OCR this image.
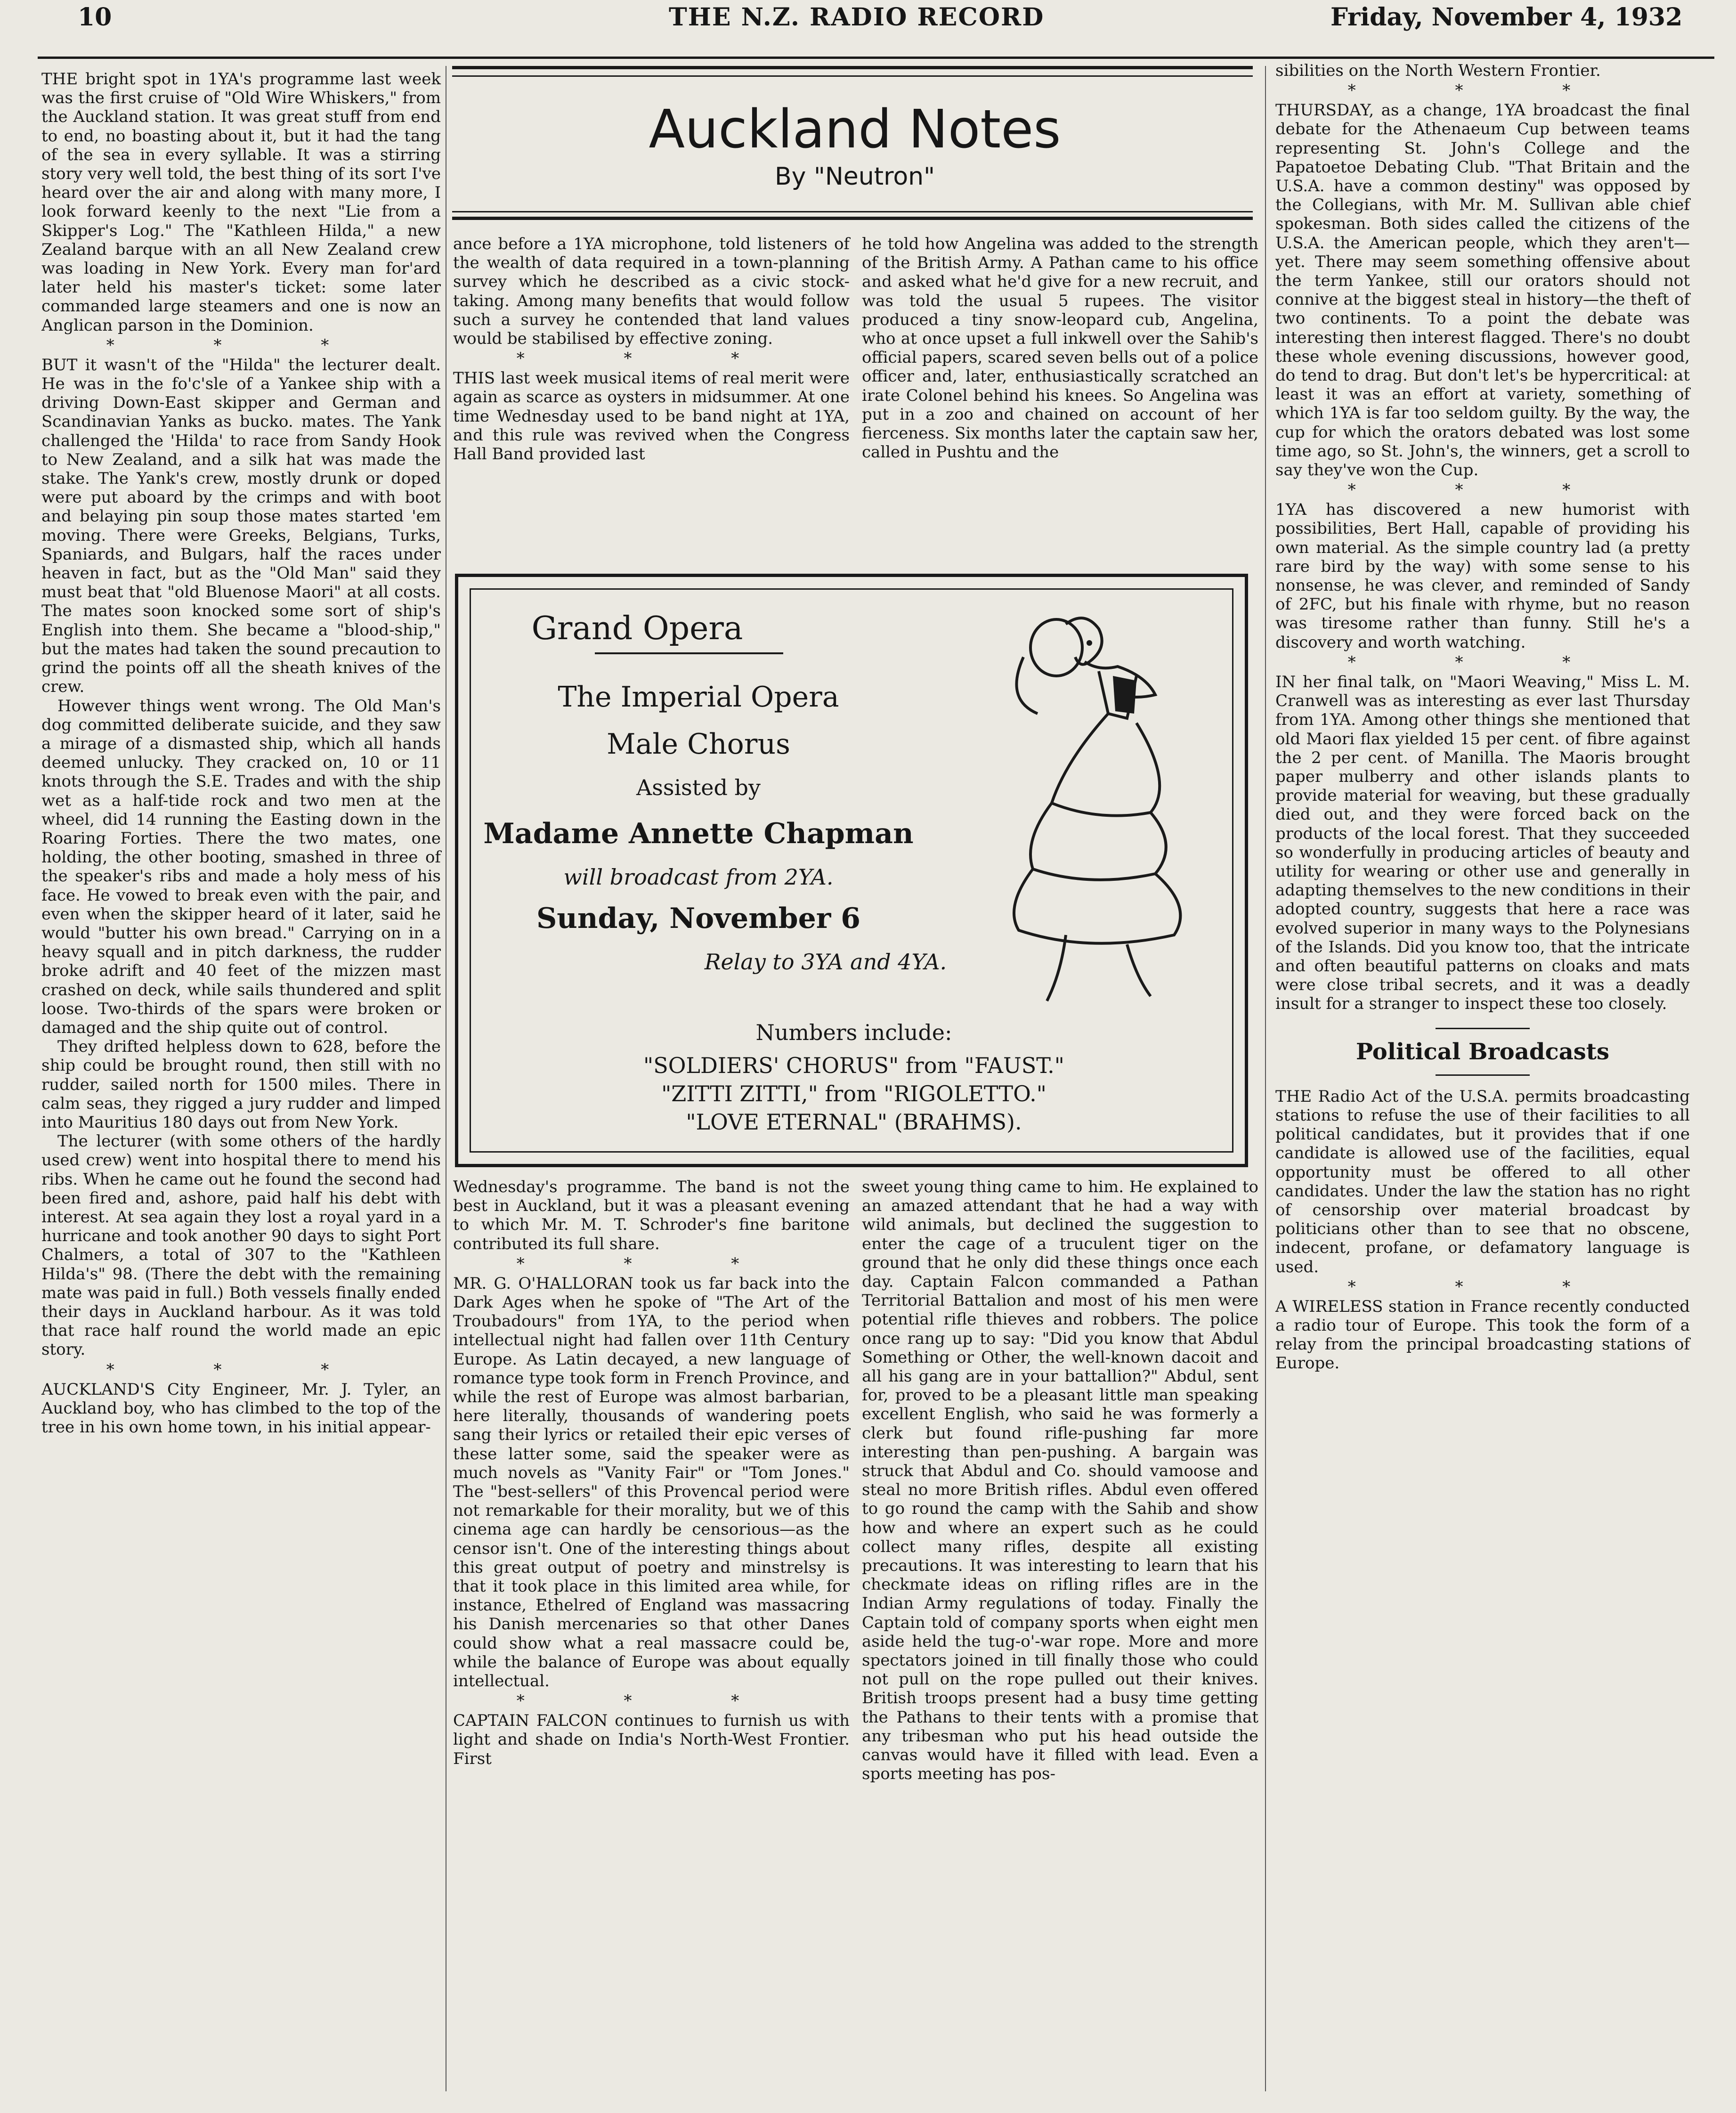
10	THE N.Z. RADIO RECORD	Friday, November 4, 1932

THE bright spot in 1YA's programme last week was the first cruise of "Old Wire Whiskers," from the Auckland station. It was great stuff from end to end, no boasting about it, but it had the tang of the sea in every syllable. It was a stirring story very well told, the best thing of its sort I've heard over the air and along with many more, I look forward keenly to the next "Lie from a Skipper's Log." The "Kathleen Hilda," a new Zealand barque with an all New Zealand crew was loading in New York. Every man for'ard later held his master's ticket: some later commanded large steamers and one is now an Anglican parson in the Dominion.

* * *

BUT it wasn't of the "Hilda" the lecturer dealt. He was in the fo'c'sle of a Yankee ship with a driving Down-East skipper and German and Scandinavian Yanks as bucko. mates. The Yank challenged the 'Hilda' to race from Sandy Hook to New Zealand, and a silk hat was made the stake. The Yank's crew, mostly drunk or doped were put aboard by the crimps and with boot and belaying pin soup those mates started 'em moving. There were Greeks, Belgians, Turks, Spaniards, and Bulgars, half the races under heaven in fact, but as the "Old Man" said they must beat that "old Bluenose Maori" at all costs. The mates soon knocked some sort of ship's English into them. She became a "blood-ship," but the mates had taken the sound precaution to grind the points off all the sheath knives of the crew.

However things went wrong. The Old Man's dog committed deliberate suicide, and they saw a mirage of a dismasted ship, which all hands deemed unlucky. They cracked on, 10 or 11 knots through the S.E. Trades and with the ship wet as a half-tide rock and two men at the wheel, did 14 running the Easting down in the Roaring Forties. There the two mates, one holding, the other booting, smashed in three of the speaker's ribs and made a holy mess of his face. He vowed to break even with the pair, and even when the skipper heard of it later, said he would "butter his own bread." Carrying on in a heavy squall and in pitch darkness, the rudder broke adrift and 40 feet of the mizzen mast crashed on deck, while sails thundered and split loose. Two-thirds of the spars were broken or damaged and the ship quite out of control.

They drifted helpless down to 628, before the ship could be brought round, then still with no rudder, sailed north for 1500 miles. There in calm seas, they rigged a jury rudder and limped into Mauritius 180 days out from New York.

The lecturer (with some others of the hardly used crew) went into hospital there to mend his ribs. When he came out he found the second had been fired and, ashore, paid half his debt with interest. At sea again they lost a royal yard in a hurricane and took another 90 days to sight Port Chalmers, a total of 307 to the "Kathleen Hilda's" 98. (There the debt with the remaining mate was paid in full.) Both vessels finally ended their days in Auckland harbour. As it was told that race half round the world made an epic story.

* * *

AUCKLAND'S City Engineer, Mr. J. Tyler, an Auckland boy, who has climbed to the top of the tree in his own home town, in his initial appear-

Auckland Notes
By "Neutron"

ance before a 1YA microphone, told listeners of the wealth of data required in a town-planning survey which he described as a civic stock-taking. Among many benefits that would follow such a survey he contended that land values would be stabilised by effective zoning.

* * *

THIS last week musical items of real merit were again as scarce as oysters in midsummer. At one time Wednesday used to be band night at 1YA, and this rule was revived when the Congress Hall Band provided last

he told how Angelina was added to the strength of the British Army. A Pathan came to his office and asked what he'd give for a new recruit, and was told the usual 5 rupees. The visitor produced a tiny snow-leopard cub, Angelina, who at once upset a full inkwell over the Sahib's official papers, scared seven bells out of a police officer and, later, enthusiastically scratched an irate Colonel behind his knees. So Angelina was put in a zoo and chained on account of her fierceness. Six months later the captain saw her, called in Pushtu and the

Grand Opera
The Imperial Opera
Male Chorus
Assisted by
Madame Annette Chapman
will broadcast from 2YA.
Sunday, November 6
Relay to 3YA and 4YA.
Numbers include:
"SOLDIERS' CHORUS" from "FAUST."
"ZITTI ZITTI," from "RIGOLETTO."
"LOVE ETERNAL" (BRAHMS).

Wednesday's programme. The band is not the best in Auckland, but it was a pleasant evening to which Mr. M. T. Schroder's fine baritone contributed its full share.

* * *

MR. G. O'HALLORAN took us far back into the Dark Ages when he spoke of "The Art of the Troubadours" from 1YA, to the period when intellectual night had fallen over 11th Century Europe. As Latin decayed, a new language of romance type took form in French Province, and while the rest of Europe was almost barbarian, here literally, thousands of wandering poets sang their lyrics or retailed their epic verses of these latter some, said the speaker were as much novels as "Vanity Fair" or "Tom Jones." The "best-sellers" of this Provencal period were not remarkable for their morality, but we of this cinema age can hardly be censorious—as the censor isn't. One of the interesting things about this great output of poetry and minstrelsy is that it took place in this limited area while, for instance, Ethelred of England was massacring his Danish mercenaries so that other Danes could show what a real massacre could be, while the balance of Europe was about equally intellectual.

* * *

CAPTAIN FALCON continues to furnish us with light and shade on India's North-West Frontier. First

sweet young thing came to him. He explained to an amazed attendant that he had a way with wild animals, but declined the suggestion to enter the cage of a truculent tiger on the ground that he only did these things once each day. Captain Falcon commanded a Pathan Territorial Battalion and most of his men were potential rifle thieves and robbers. The police once rang up to say: "Did you know that Abdul Something or Other, the well-known dacoit and all his gang are in your battallion?" Abdul, sent for, proved to be a pleasant little man speaking excellent English, who said he was formerly a clerk but found rifle-pushing far more interesting than pen-pushing. A bargain was struck that Abdul and Co. should vamoose and steal no more British rifles. Abdul even offered to go round the camp with the Sahib and show how and where an expert such as he could collect many rifles, despite all existing precautions. It was interesting to learn that his checkmate ideas on rifling rifles are in the Indian Army regulations of today. Finally the Captain told of company sports when eight men aside held the tug-o'-war rope. More and more spectators joined in till finally those who could not pull on the rope pulled out their knives. British troops present had a busy time getting the Pathans to their tents with a promise that any tribesman who put his head outside the canvas would have it filled with lead. Even a sports meeting has pos-

sibilities on the North Western Frontier.

* * *

THURSDAY, as a change, 1YA broadcast the final debate for the Athenaeum Cup between teams representing St. John's College and the Papatoetoe Debating Club. "That Britain and the U.S.A. have a common destiny" was opposed by the Collegians, with Mr. M. Sullivan able chief spokesman. Both sides called the citizens of the U.S.A. the American people, which they aren't—yet. There may seem something offensive about the term Yankee, still our orators should not connive at the biggest steal in history—the theft of two continents. To a point the debate was interesting then interest flagged. There's no doubt these whole evening discussions, however good, do tend to drag. But don't let's be hypercritical: at least it was an effort at variety, something of which 1YA is far too seldom guilty. By the way, the cup for which the orators debated was lost some time ago, so St. John's, the winners, get a scroll to say they've won the Cup.

* * *

1YA has discovered a new humorist with possibilities, Bert Hall, capable of providing his own material. As the simple country lad (a pretty rare bird by the way) with some sense to his nonsense, he was clever, and reminded of Sandy of 2FC, but his finale with rhyme, but no reason was tiresome rather than funny. Still he's a discovery and worth watching.

* * *

IN her final talk, on "Maori Weaving," Miss L. M. Cranwell was as interesting as ever last Thursday from 1YA. Among other things she mentioned that old Maori flax yielded 15 per cent. of fibre against the 2 per cent. of Manilla. The Maoris brought paper mulberry and other islands plants to provide material for weaving, but these gradually died out, and they were forced back on the products of the local forest. That they succeeded so wonderfully in producing articles of beauty and utility for wearing or other use and generally in adapting themselves to the new conditions in their adopted country, suggests that here a race was evolved superior in many ways to the Polynesians of the Islands. Did you know too, that the intricate and often beautiful patterns on cloaks and mats were close tribal secrets, and it was a deadly insult for a stranger to inspect these too closely.

Political Broadcasts

THE Radio Act of the U.S.A. permits broadcasting stations to refuse the use of their facilities to all political candidates, but it provides that if one candidate is allowed use of the facilities, equal opportunity must be offered to all other candidates. Under the law the station has no right of censorship over material broadcast by politicians other than to see that no obscene, indecent, profane, or defamatory language is used.

* * *

A WIRELESS station in France recently conducted a radio tour of Europe. This took the form of a relay from the principal broadcasting stations of Europe.
